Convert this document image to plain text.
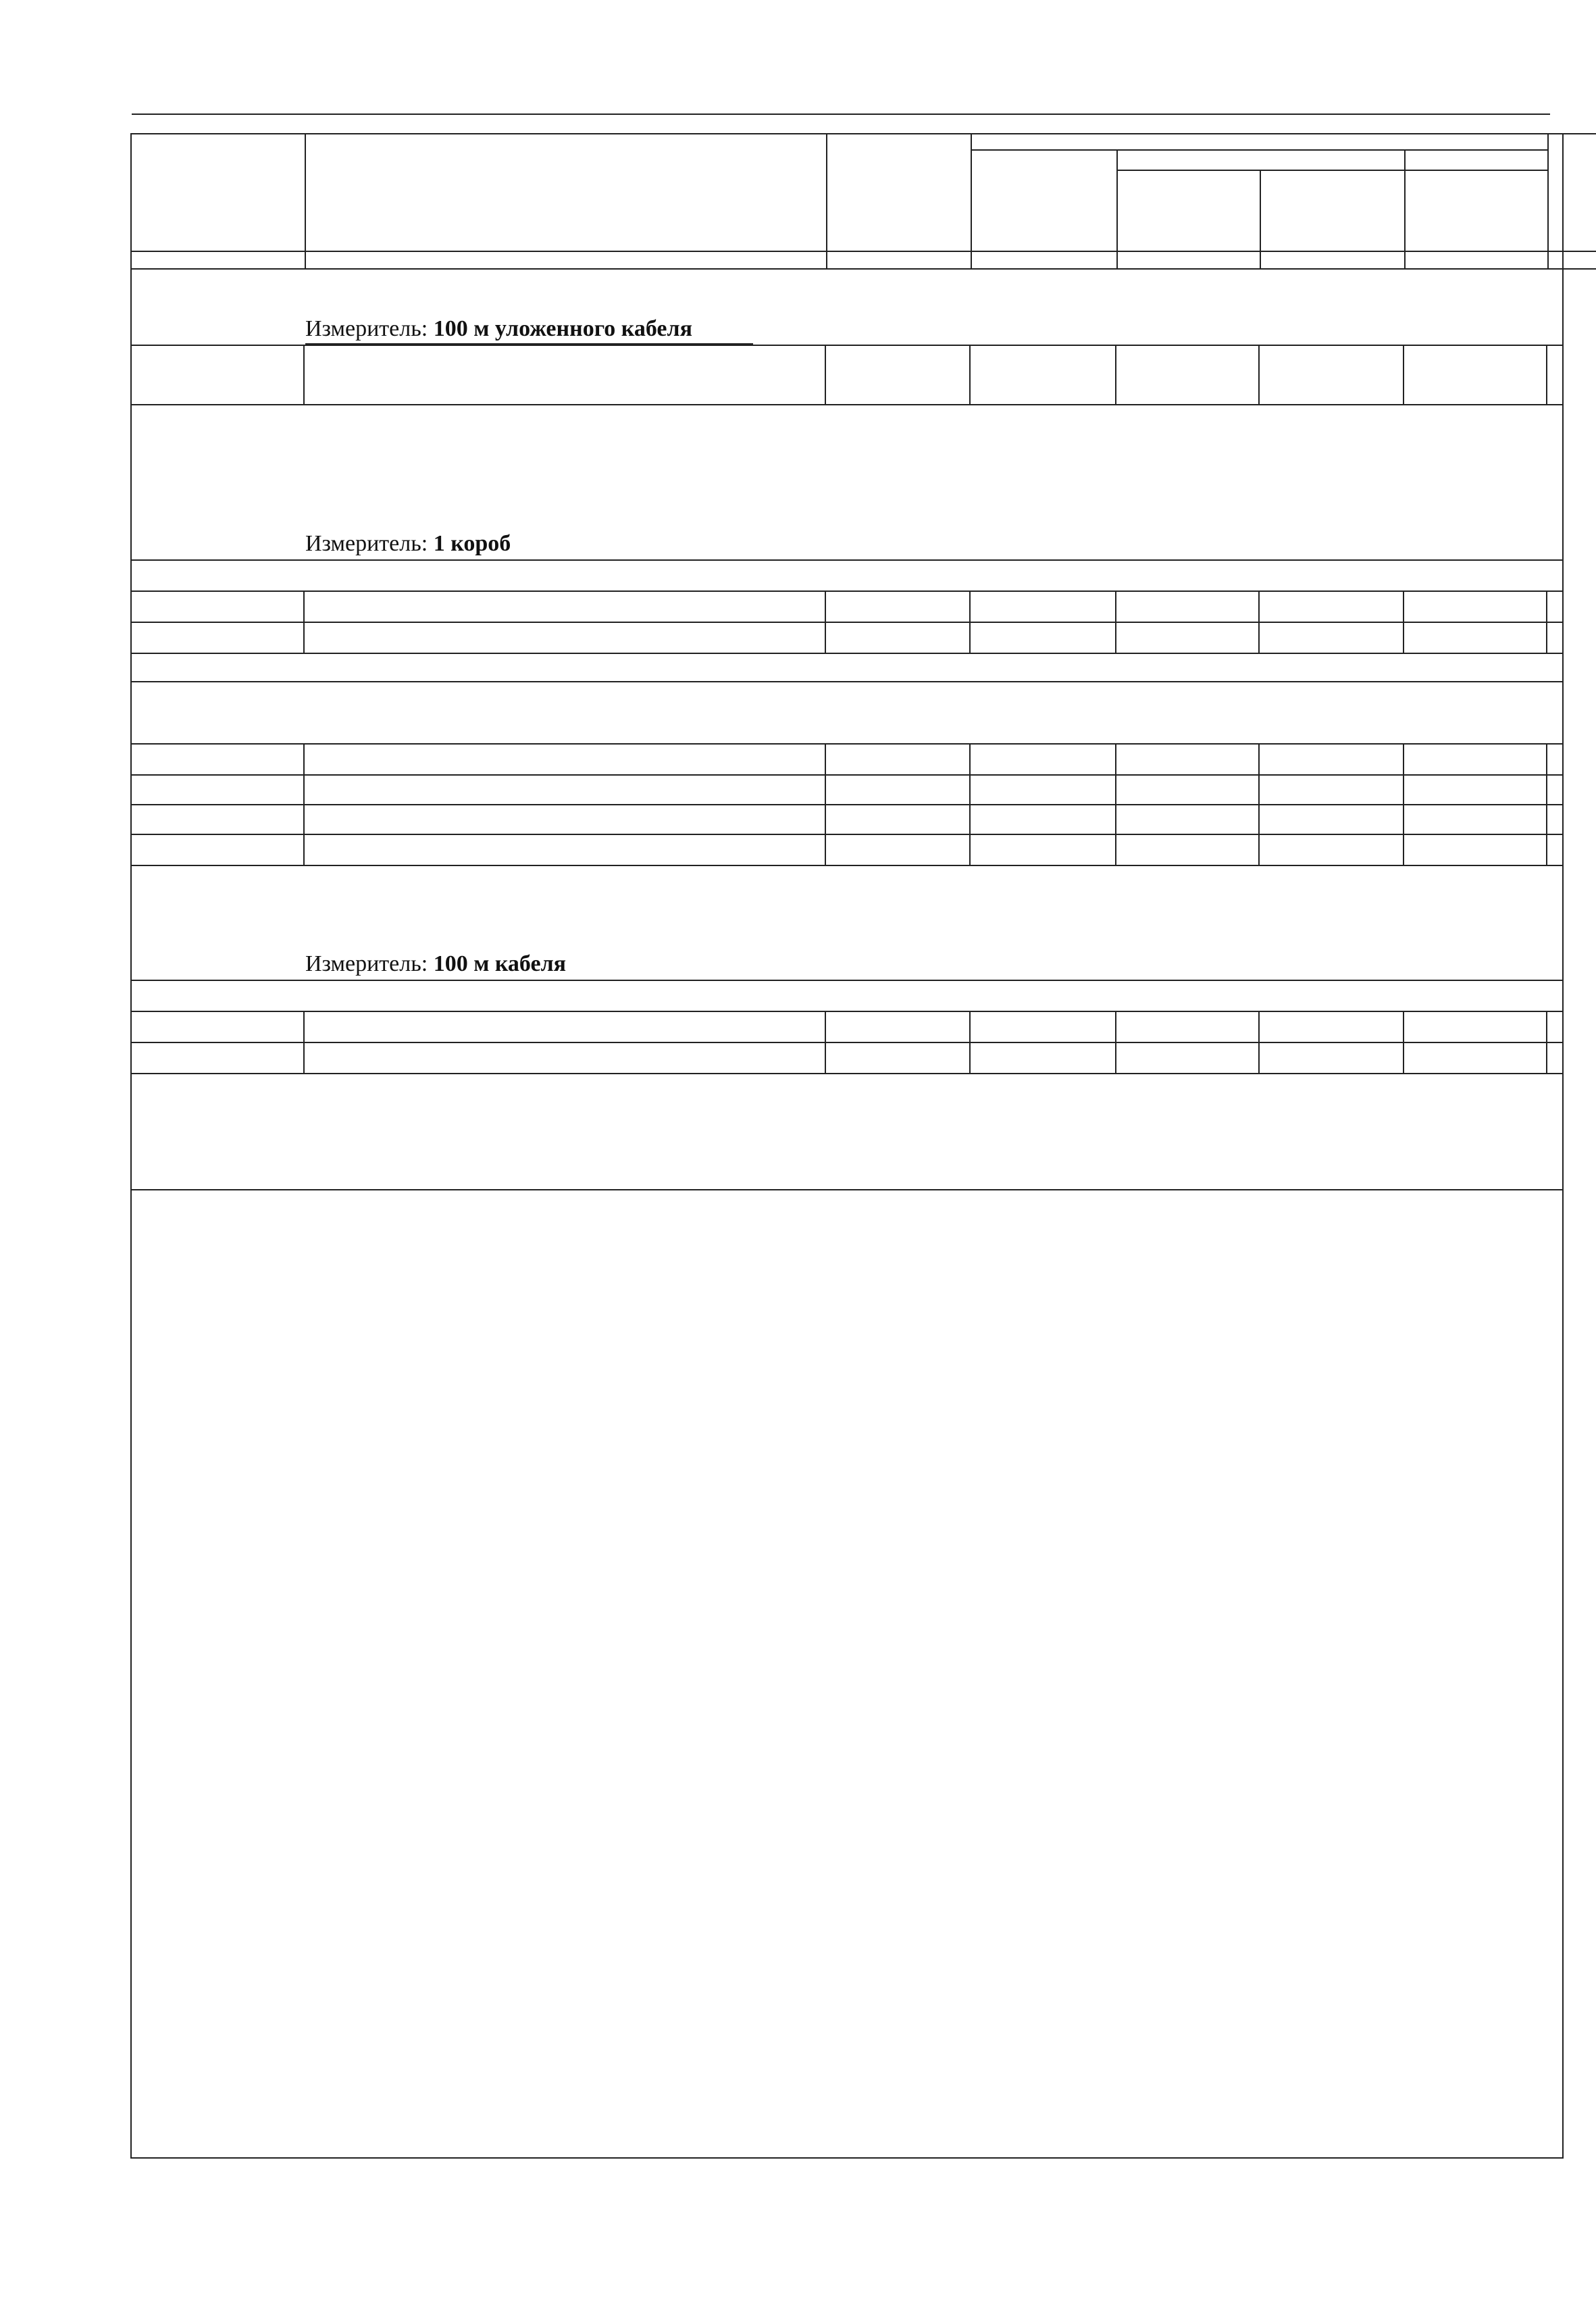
Измеритель: 100 м уложенного кабеля

Измеритель: 1 короб
Измеритель: 100 м кабеля
